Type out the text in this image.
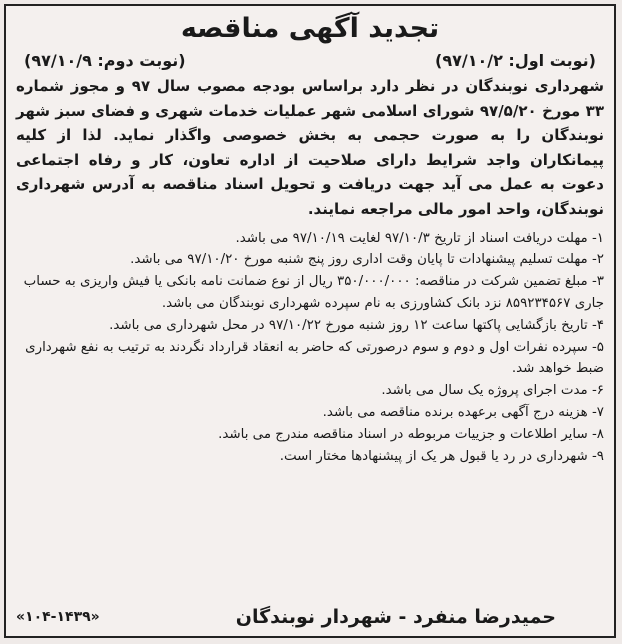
تجدید آگهی مناقصه
(نوبت اول: ۹۷/۱۰/۲)
(نوبت دوم: ۹۷/۱۰/۹)

شهرداری نوبندگان در نظر دارد براساس بودجه مصوب سال ۹۷ و مجوز شماره ۳۳ مورخ ۹۷/۵/۲۰ شورای اسلامی شهر عملیات خدمات شهری و فضای سبز شهر نوبندگان را به صورت حجمی به بخش خصوصی واگذار نماید. لذا از کلیه پیمانکاران واجد شرایط دارای صلاحیت از اداره تعاون، کار و رفاه اجتماعی دعوت به عمل می آید جهت دریافت و تحویل اسناد مناقصه به آدرس شهرداری نوبندگان، واحد امور مالی مراجعه نمایند.

۱- مهلت دریافت اسناد از تاریخ ۹۷/۱۰/۳ لغایت ۹۷/۱۰/۱۹ می باشد.

۲- مهلت تسلیم پیشنهادات تا پایان وقت اداری روز پنج شنبه مورخ ۹۷/۱۰/۲۰ می باشد.

۳- مبلغ تضمین شرکت در مناقصه: ۳۵۰/۰۰۰/۰۰۰ ریال از نوع ضمانت نامه بانکی یا فیش واریزی به حساب جاری ۸۵۹۲۳۴۵۶۷ نزد بانک کشاورزی به نام سپرده شهرداری نوبندگان می باشد.

۴- تاریخ بازگشایی پاکتها ساعت ۱۲ روز شنبه مورخ ۹۷/۱۰/۲۲ در محل شهرداری می باشد.

۵- سپرده نفرات اول و دوم و سوم درصورتی که حاضر به انعقاد قرارداد نگردند به ترتیب به نفع شهرداری ضبط خواهد شد.

۶- مدت اجرای پروژه یک سال می باشد.

۷- هزینه درج آگهی برعهده برنده مناقصه می باشد.

۸- سایر اطلاعات و جزییات مربوطه در اسناد مناقصه مندرج می باشد.

۹- شهرداری در رد یا قبول هر یک از پیشنهادها مختار است.

حمیدرضا منفرد - شهردار نوبندگان
«۱۰۴-۱۴۳۹»
